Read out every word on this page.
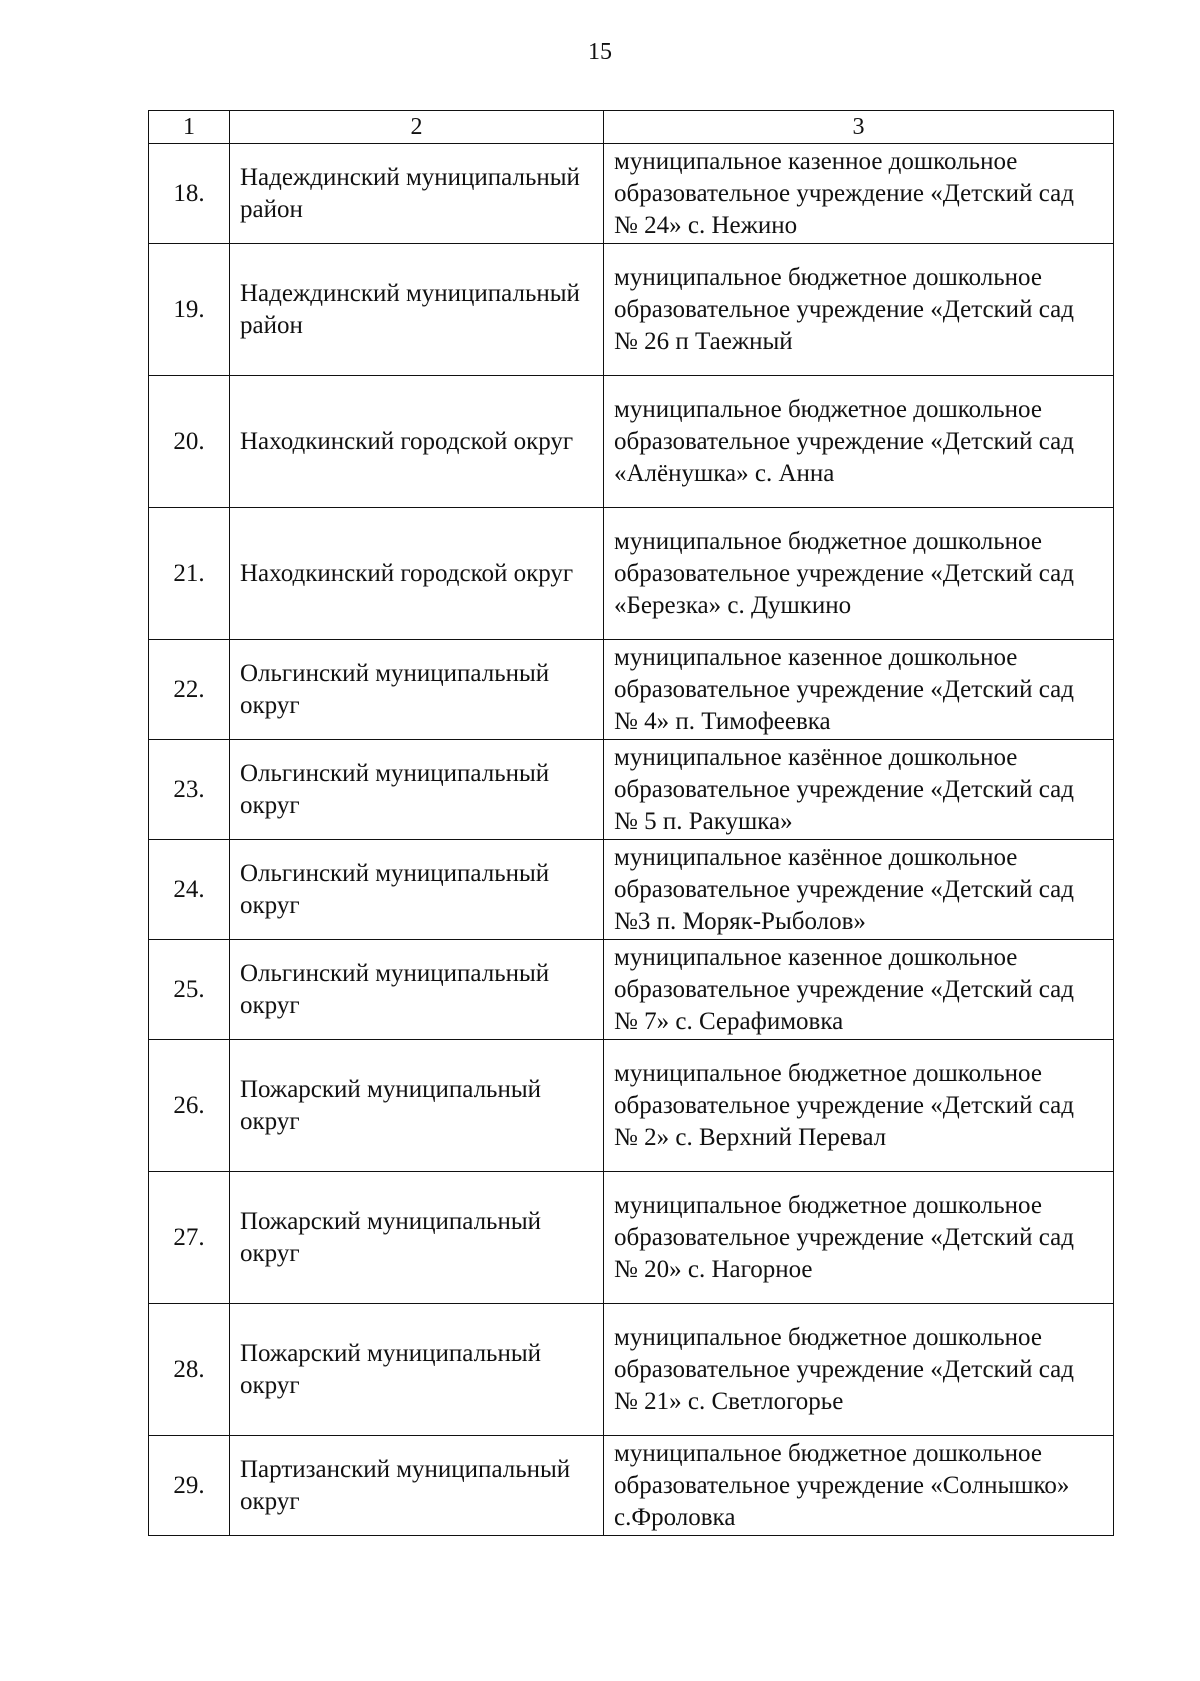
15
1	2	3
18.	Надеждинский муниципальный район	муниципальное казенное дошкольное образовательное учреждение «Детский сад № 24» с. Нежино
19.	Надеждинский муниципальный район	муниципальное бюджетное дошкольное образовательное учреждение «Детский сад № 26 п Таежный
20.	Находкинский городской округ	муниципальное бюджетное дошкольное образовательное учреждение «Детский сад «Алёнушка» с. Анна
21.	Находкинский городской округ	муниципальное бюджетное дошкольное образовательное учреждение «Детский сад «Березка» с. Душкино
22.	Ольгинский муниципальный округ	муниципальное казенное дошкольное образовательное учреждение «Детский сад № 4» п. Тимофеевка
23.	Ольгинский муниципальный округ	муниципальное казённое дошкольное образовательное учреждение «Детский сад № 5 п. Ракушка»
24.	Ольгинский муниципальный округ	муниципальное казённое дошкольное образовательное учреждение «Детский сад №3 п. Моряк-Рыболов»
25.	Ольгинский муниципальный округ	муниципальное казенное дошкольное образовательное учреждение «Детский сад № 7» с. Серафимовка
26.	Пожарский муниципальный округ	муниципальное бюджетное дошкольное образовательное учреждение «Детский сад № 2» с. Верхний Перевал
27.	Пожарский муниципальный округ	муниципальное бюджетное дошкольное образовательное учреждение «Детский сад № 20» с. Нагорное
28.	Пожарский муниципальный округ	муниципальное бюджетное дошкольное образовательное учреждение «Детский сад № 21» с. Светлогорье
29.	Партизанский муниципальный округ	муниципальное бюджетное дошкольное образовательное учреждение «Солнышко» с.Фроловка
